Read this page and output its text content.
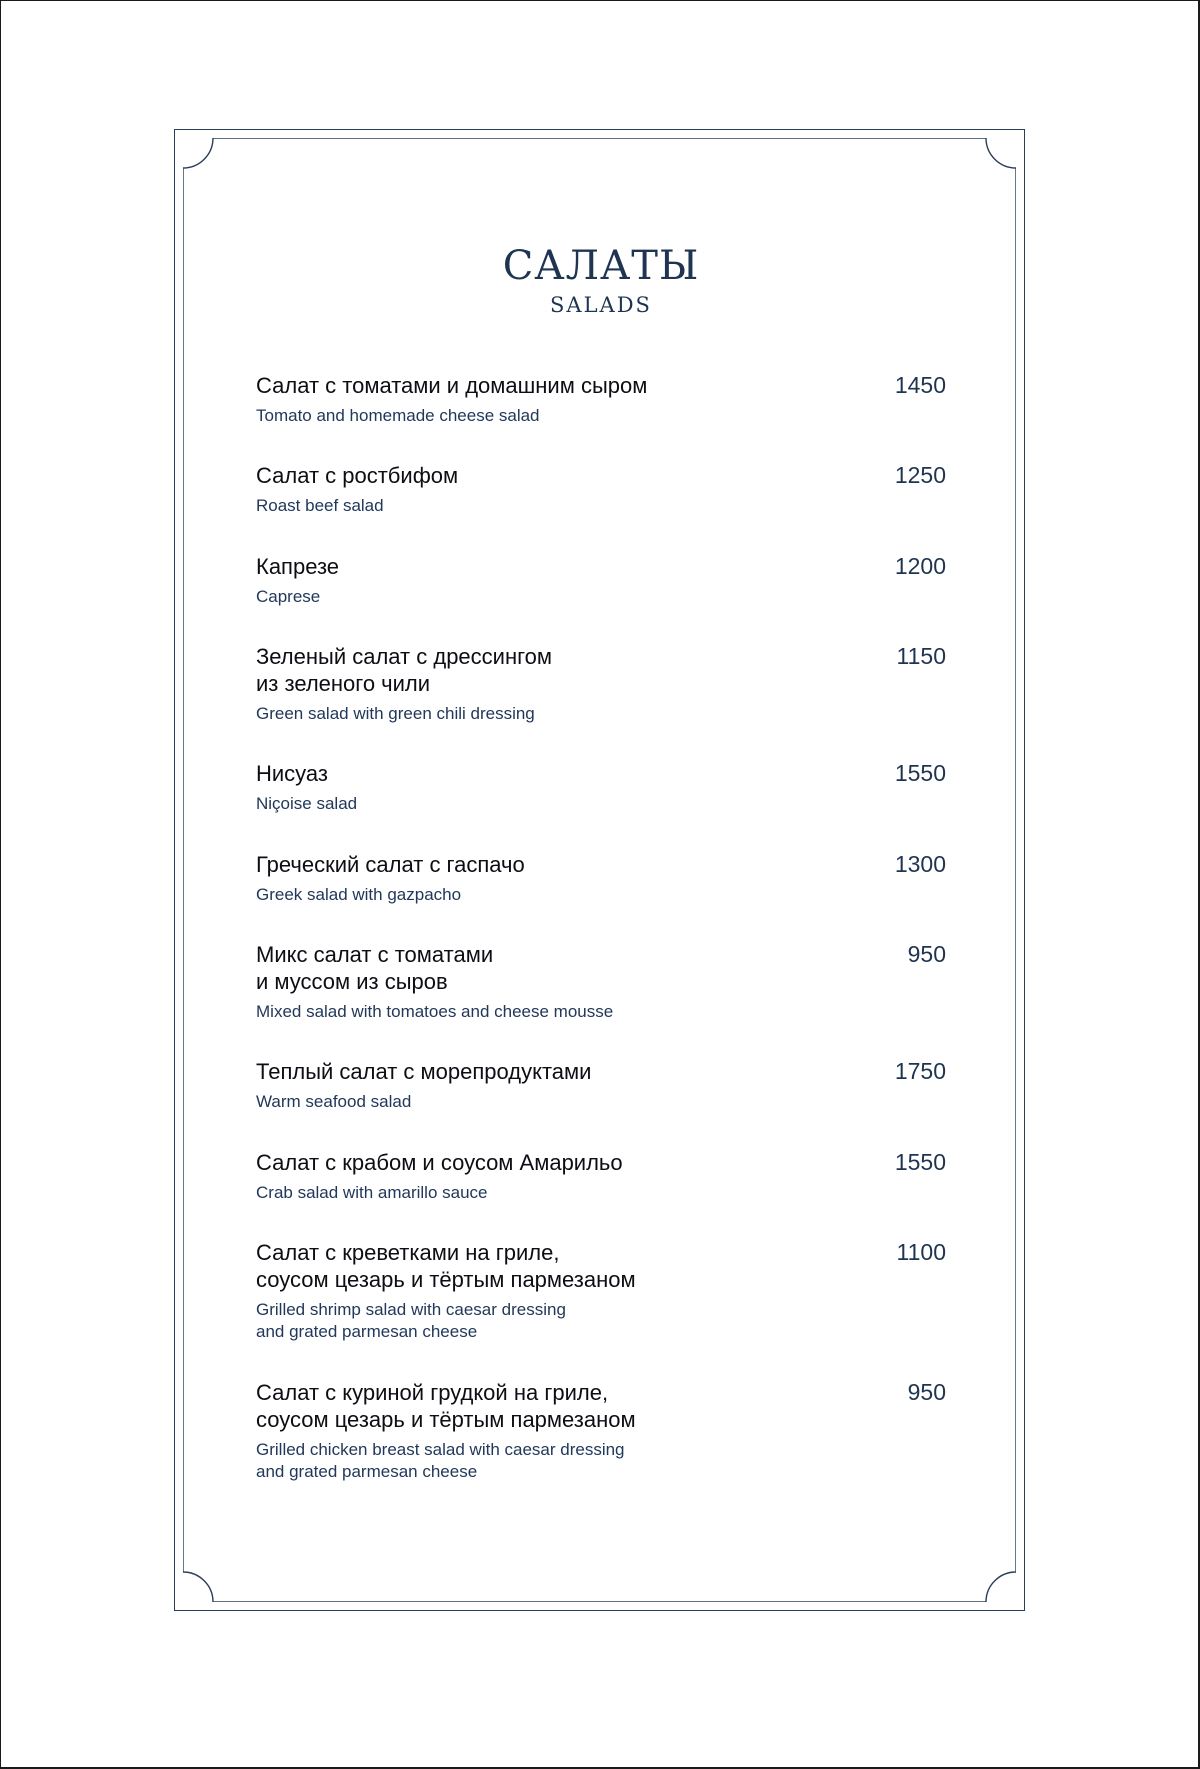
САЛАТЫ
SALADS
Салат с томатами и домашним сыром
Tomato and homemade cheese salad
1450
Салат с ростбифом
Roast beef salad
1250
Капрезе
Caprese
1200
Зеленый салат с дрессингом
из зеленого чили
Green salad with green chili dressing
1150
Нисуаз
Niçoise salad
1550
Греческий салат с гаспачо
Greek salad with gazpacho
1300
Микс салат с томатами
и муссом из сыров
Mixed salad with tomatoes and cheese mousse
950
Теплый салат с морепродуктами
Warm seafood salad
1750
Салат с крабом и соусом Амарильо
Crab salad with amarillo sauce
1550
Салат с креветками на гриле,
соусом цезарь и тёртым пармезаном
Grilled shrimp salad with caesar dressing
and grated parmesan cheese
1100
Салат с куриной грудкой на гриле,
соусом цезарь и тёртым пармезаном
Grilled chicken breast salad with caesar dressing
and grated parmesan cheese
950
